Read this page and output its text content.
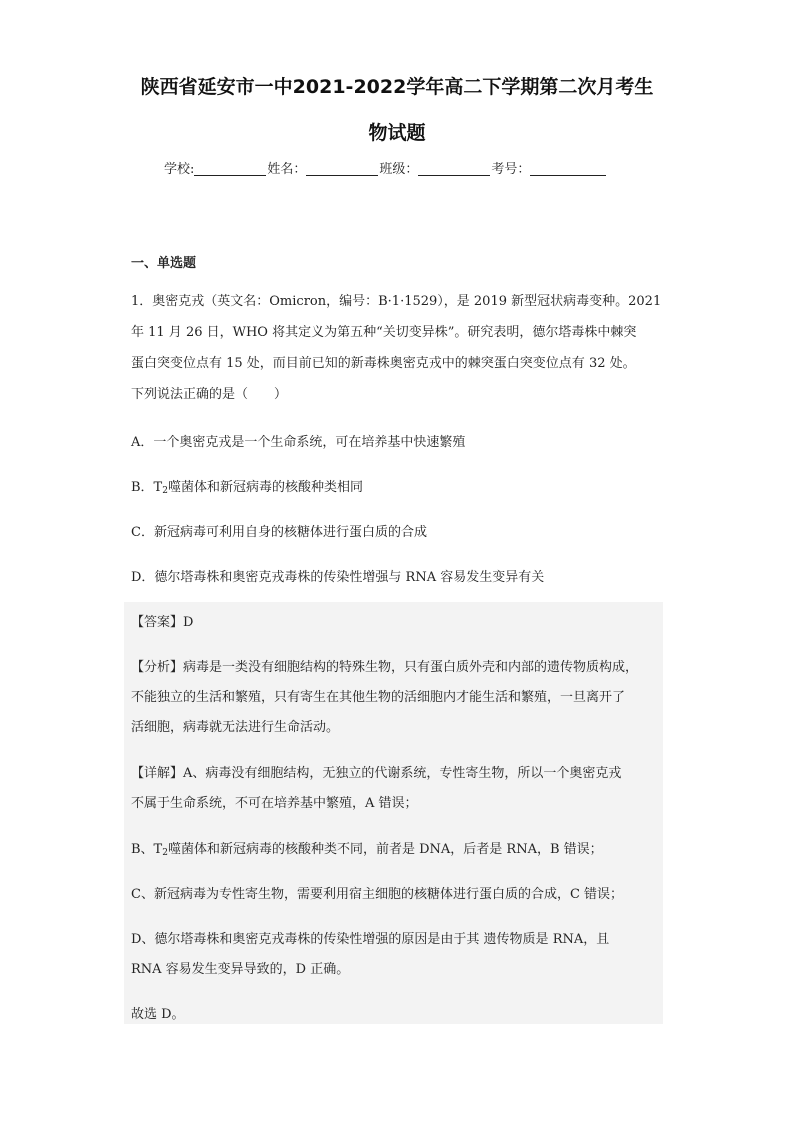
陕西省延安市一中2021-2022学年高二下学期第二次月考生
物试题
学校:	姓名：	班级：	考号：
一、单选题

1．奥密克戎（英文名：Omicron，编号：B·1·1529），是 2019 新型冠状病毒变种。2021

年 11 月 26 日，WHO 将其定义为第五种“关切变异株”。研究表明，德尔塔毒株中棘突

蛋白突变位点有 15 处，而目前已知的新毒株奥密克戎中的棘突蛋白突变位点有 32 处。

下列说法正确的是（　　）

A．一个奥密克戎是一个生命系统，可在培养基中快速繁殖
B．$T_2$噬菌体和新冠病毒的核酸种类相同
C．新冠病毒可利用自身的核糖体进行蛋白质的合成
D．德尔塔毒株和奥密克戎毒株的传染性增强与 RNA 容易发生变异有关
【答案】D
【分析】病毒是一类没有细胞结构的特殊生物，只有蛋白质外壳和内部的遗传物质构成，
不能独立的生活和繁殖，只有寄生在其他生物的活细胞内才能生活和繁殖，一旦离开了
活细胞，病毒就无法进行生命活动。
【详解】A、病毒没有细胞结构，无独立的代谢系统，专性寄生物，所以一个奥密克戎
不属于生命系统，不可在培养基中繁殖，A 错误；
B、$T_2$噬菌体和新冠病毒的核酸种类不同，前者是 DNA，后者是 RNA，B 错误；
C、新冠病毒为专性寄生物，需要利用宿主细胞的核糖体进行蛋白质的合成，C 错误；
D、德尔塔毒株和奥密克戎毒株的传染性增强的原因是由于其 遗传物质是 RNA，且
RNA 容易发生变异导致的，D 正确。
故选 D。
